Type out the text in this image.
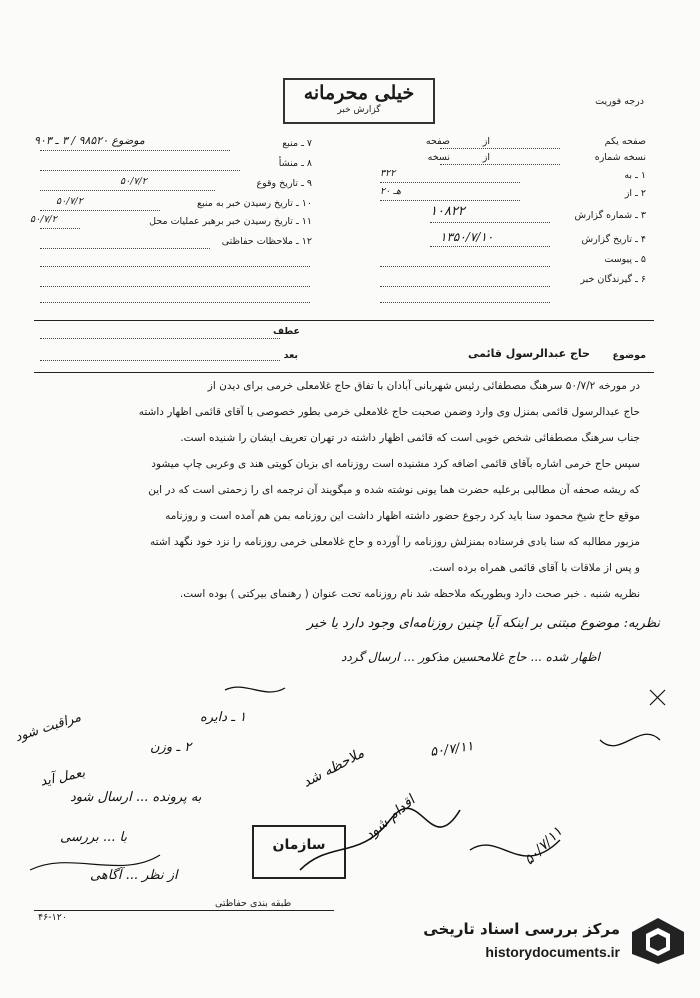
درجه فوریت
خیلی محرمانه
گزارش خبر
صفحه یکم
از
صفحه
نسخه شماره
از
نسخه
۱ ـ به
۳۲۲
۲ ـ از
۲۰ هـ
۳ ـ شماره گزارش
۱۰۸۲۲
۴ ـ تاریخ گزارش
۱۳۵۰/۷/۱۰
۵ ـ پیوست
۶ ـ گیرندگان خبر
موضوع ۹۸۵۲۰ / ۳ ـ ۹۰۳	۷ ـ منبع
۸ ـ منشأ
۹ ـ تاریخ وقوع
۵۰/۷/۲
۱۰ ـ تاریخ رسیدن خبر به منبع
۵۰/۷/۲
۱۱ ـ تاریخ رسیدن خبر برهبر عملیات محل
۵۰/۷/۲
۱۲ ـ ملاحظات حفاظتی
عطف
بعد	موضوع
حاج عبدالرسول قائمی
در مورخه ۵۰/۷/۲ سرهنگ مصطفائی رئیس شهربانی آبادان با تفاق حاج غلامعلی خرمی برای دیدن از
حاج عبدالرسول قائمی بمنزل وی وارد وضمن صحبت حاج غلامعلی خرمی بطور خصوصی با آقای قائمی اظهار داشته
جناب سرهنگ مصطفائی شخص خوبی است که قائمی اظهار داشته در تهران تعریف ایشان را شنیده است.
سپس حاج خرمی اشاره بآقای قائمی اضافه کرد مشنیده است روزنامه ای بزبان کویتی هند ی وعربی چاپ میشود
که ریشه صحفه آن مطالبی برعلیه حضرت هما یونی نوشته شده و میگویند آن ترجمه ای را زحمتی است که در این
موقع حاج شیخ محمود سنا باید کرد رجوع حضور داشته اظهار داشت این روزنامه بمن هم آمده است و روزنامه
مزبور مطالبه که سنا بادی فرستاده بمنزلش روزنامه را آورده و حاج غلامعلی خرمی روزنامه را نزد خود نگهد اشته
و پس از ملاقات با آقای قائمی همراه برده است.
نظریه شنبه . خبر صحت دارد وبطوریکه ملاحظه شد نام روزنامه تحت عنوان ( رهنمای بیرکتی ) بوده است.
نظریه: موضوع مبتنی بر اینکه آیا چنین روزنامه‌ای وجود دارد یا خیر
اظهار شده ... حاج غلامحسین مذکور ... ارسال گردد
۱ ـ دایره
۲ ـ وزن
مراقبت شود
بعمل آید
به پرونده ... ارسال شود
با ... بررسی
از نظر ... آگاهی
۵۰/۷/۱۱
ملاحظه شد
اقدام شود
۵۰/۷/۱۱
سازمان
طبقه بندی حفاظتی
۴۶-۱۲۰
مرکز بررسی اسناد تاریخی
historydocuments.ir
